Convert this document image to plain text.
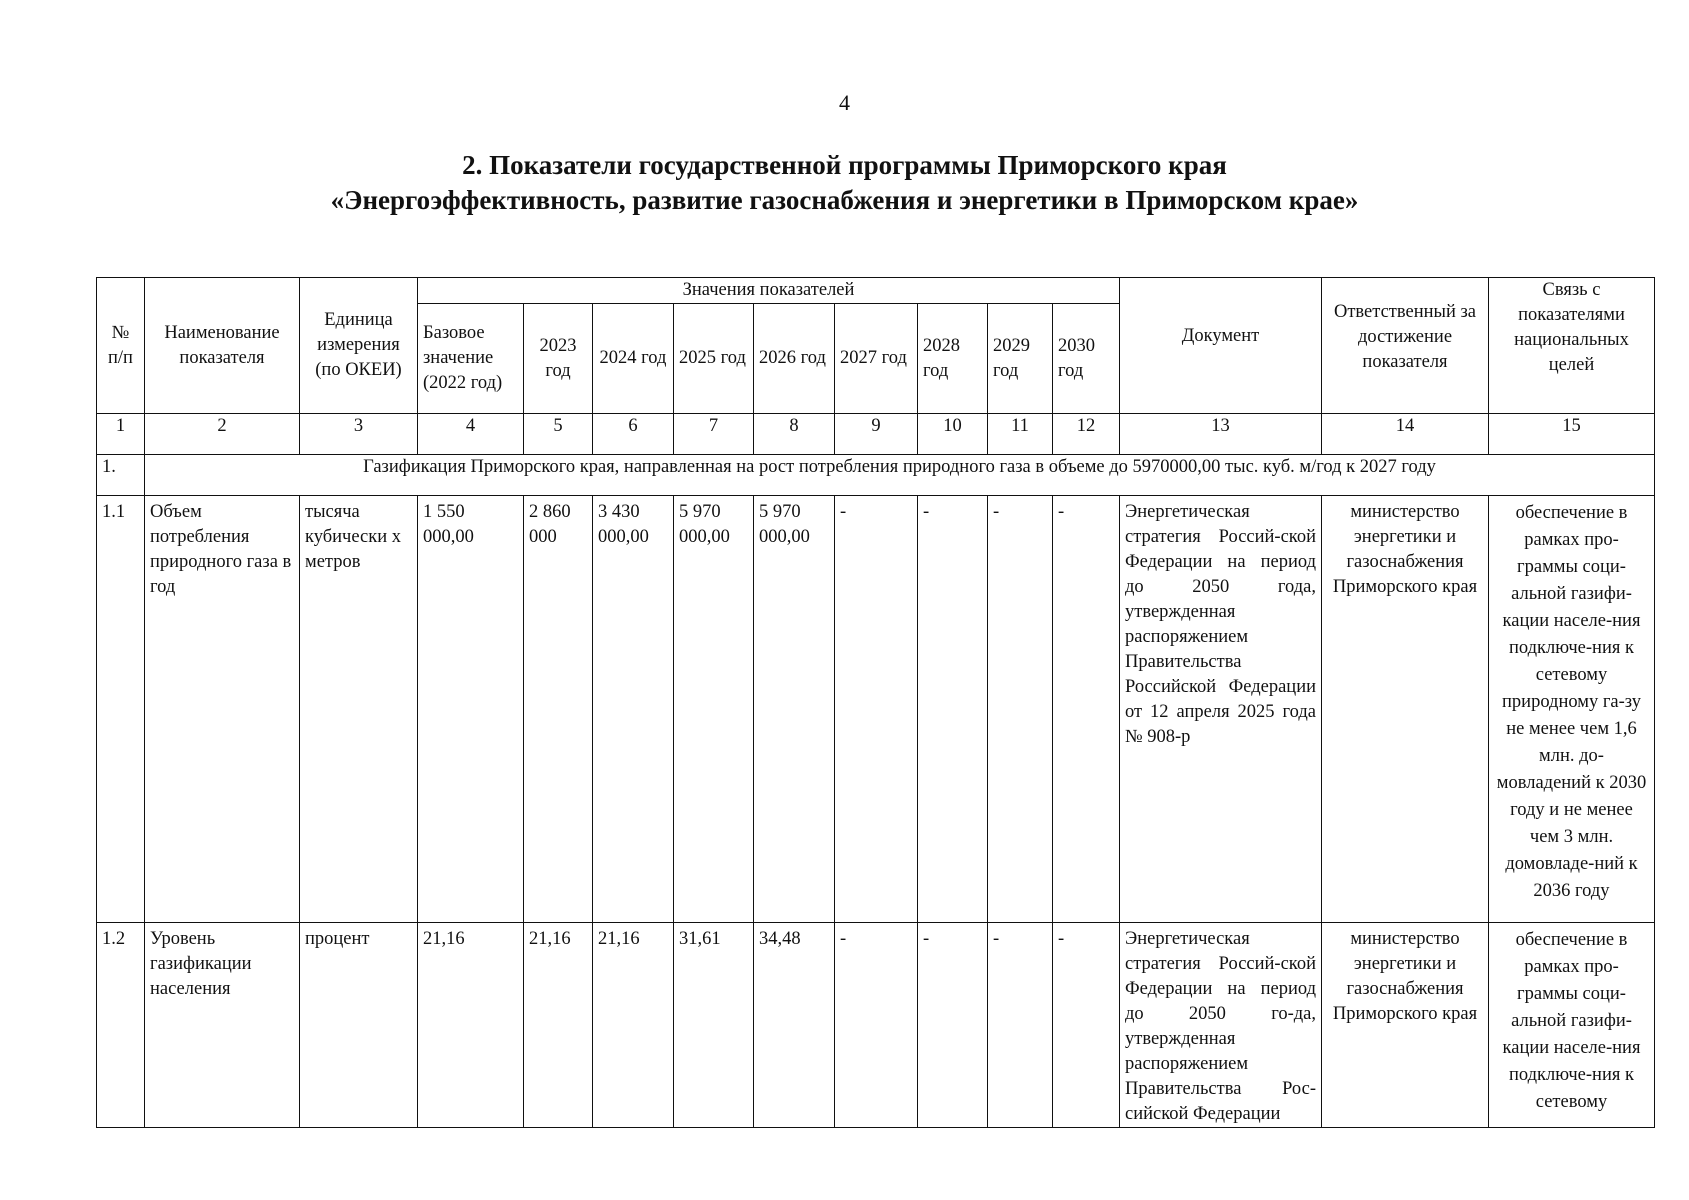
4
2. Показатели государственной программы Приморского края
«Энергоэффективность, развитие газоснабжения и энергетики в Приморском крае»
№ п/п	Наименование показателя	Единица измерения (по ОКЕИ)	Значения показателей									Документ	Ответственный за достижение показателя	Связь с показателями национальных целей
			Базовое значение (2022 год)	2023 год	2024 год	2025 год	2026 год	2027 год	2028 год	2029 год	2030 год			
1	2	3	4	5	6	7	8	9	10	11	12	13	14	15
1.	Газификация Приморского края, направленная на рост потребления природного газа в объеме до 5970000,00 тыс. куб. м/год к 2027 году													
1.1	Объем потребления природного газа в год	тысяча кубически х метров	1 550 000,00	2 860 000	3 430 000,00	5 970 000,00	5 970 000,00	-	-	-	-	Энергетическая стратегия Россий-ской Федерации на период до 2050 года, утвержденная распоряжением Правительства Российской Федерации от 12 апреля 2025 года № 908-р	министерство энергетики и газоснабжения Приморского края	обеспечение в рамках про-граммы соци-альной газифи-кации населе-ния подключе-ния к сетевому природному га-зу не менее чем 1,6 млн. до-мовладений к 2030 году и не менее чем 3 млн. домовладе-ний к 2036 году
1.2	Уровень газификации населения	процент	21,16	21,16	21,16	31,61	34,48	-	-	-	-	Энергетическая стратегия Россий-ской Федерации на период до 2050 го-да, утвержденная распоряжением Правительства Рос-сийской Федерации	министерство энергетики и газоснабжения Приморского края	обеспечение в рамках про-граммы соци-альной газифи-кации населе-ния подключе-ния к сетевому
